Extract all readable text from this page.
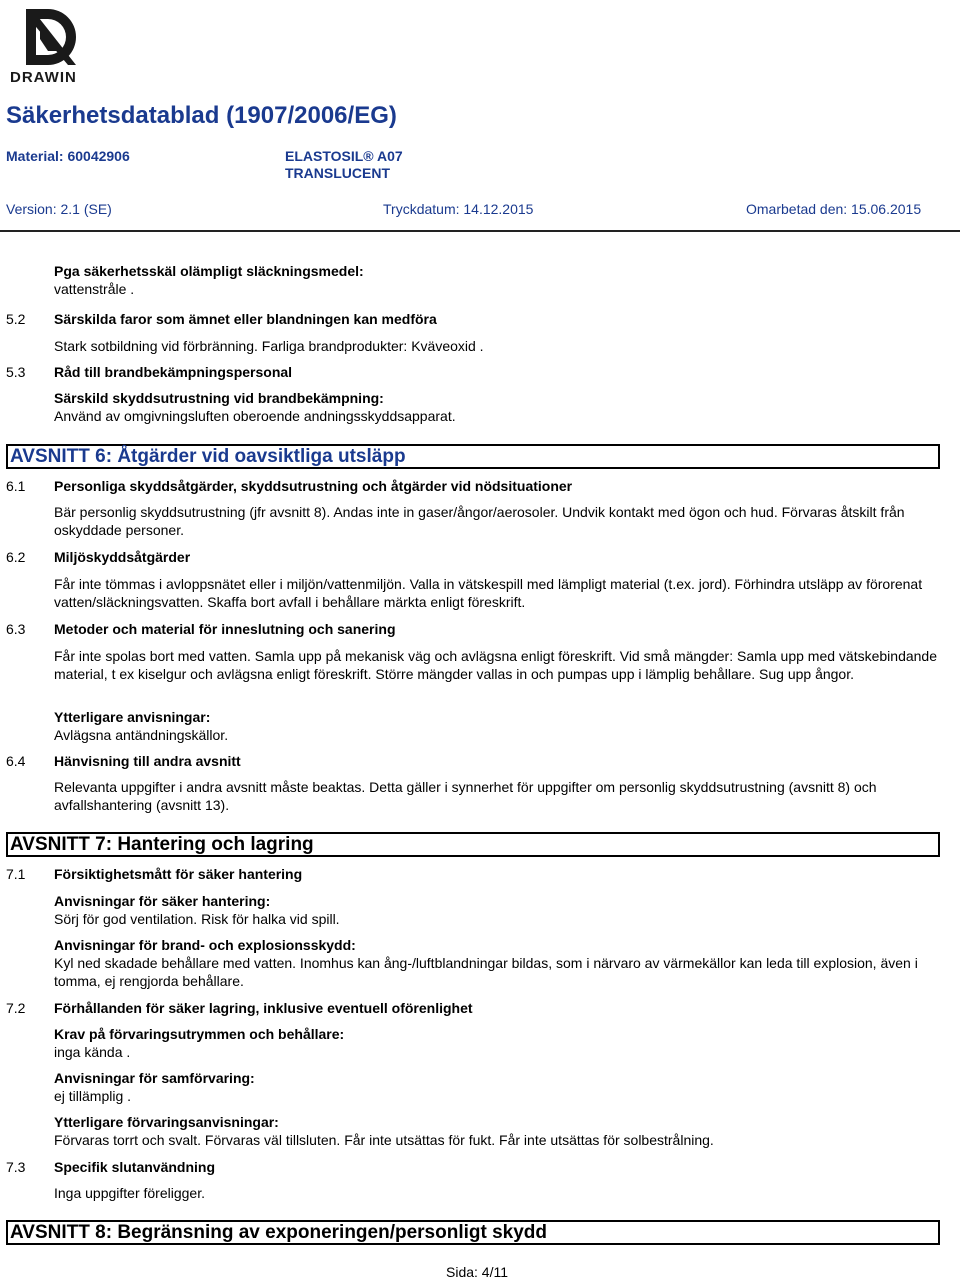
DRAWIN
Säkerhetsdatablad (1907/2006/EG)
Material: 60042906	ELASTOSIL® A07
TRANSLUCENT
Version: 2.1 (SE)	Tryckdatum: 14.12.2015	Omarbetad den: 15.06.2015
Pga säkerhetsskäl olämpligt släckningsmedel:
vattenstråle .
5.2 Särskilda faror som ämnet eller blandningen kan medföra
Stark sotbildning vid förbränning. Farliga brandprodukter: Kväveoxid .
5.3 Råd till brandbekämpningspersonal
Särskild skyddsutrustning vid brandbekämpning:
Använd av omgivningsluften oberoende andningsskyddsapparat.
AVSNITT 6: Åtgärder vid oavsiktliga utsläpp
6.1 Personliga skyddsåtgärder, skyddsutrustning och åtgärder vid nödsituationer
Bär personlig skyddsutrustning (jfr avsnitt 8). Andas inte in gaser/ångor/aerosoler. Undvik kontakt med ögon och hud. Förvaras åtskilt från oskyddade personer.
6.2 Miljöskyddsåtgärder
Får inte tömmas i avloppsnätet eller i miljön/vattenmiljön. Valla in vätskespill med lämpligt material (t.ex. jord). Förhindra utsläpp av förorenat vatten/släckningsvatten. Skaffa bort avfall i behållare märkta enligt föreskrift.
6.3 Metoder och material för inneslutning och sanering
Får inte spolas bort med vatten. Samla upp på mekanisk väg och avlägsna enligt föreskrift. Vid små mängder: Samla upp med vätskebindande material, t ex kiselgur och avlägsna enligt föreskrift. Större mängder vallas in och pumpas upp i lämplig behållare. Sug upp ångor.
Ytterligare anvisningar:
Avlägsna antändningskällor.
6.4 Hänvisning till andra avsnitt
Relevanta uppgifter i andra avsnitt måste beaktas. Detta gäller i synnerhet för uppgifter om personlig skyddsutrustning (avsnitt 8) och avfallshantering (avsnitt 13).
AVSNITT 7: Hantering och lagring
7.1 Försiktighetsmått för säker hantering
Anvisningar för säker hantering:
Sörj för god ventilation. Risk för halka vid spill.
Anvisningar för brand- och explosionsskydd:
Kyl ned skadade behållare med vatten. Inomhus kan ång-/luftblandningar bildas, som i närvaro av värmekällor kan leda till explosion, även i tomma, ej rengjorda behållare.
7.2 Förhållanden för säker lagring, inklusive eventuell oförenlighet
Krav på förvaringsutrymmen och behållare:
inga kända .
Anvisningar för samförvaring:
ej tillämplig .
Ytterligare förvaringsanvisningar:
Förvaras torrt och svalt. Förvaras väl tillsluten. Får inte utsättas för fukt. Får inte utsättas för solbestrålning.
7.3 Specifik slutanvändning
Inga uppgifter föreligger.
AVSNITT 8: Begränsning av exponeringen/personligt skydd
Sida: 4/11
